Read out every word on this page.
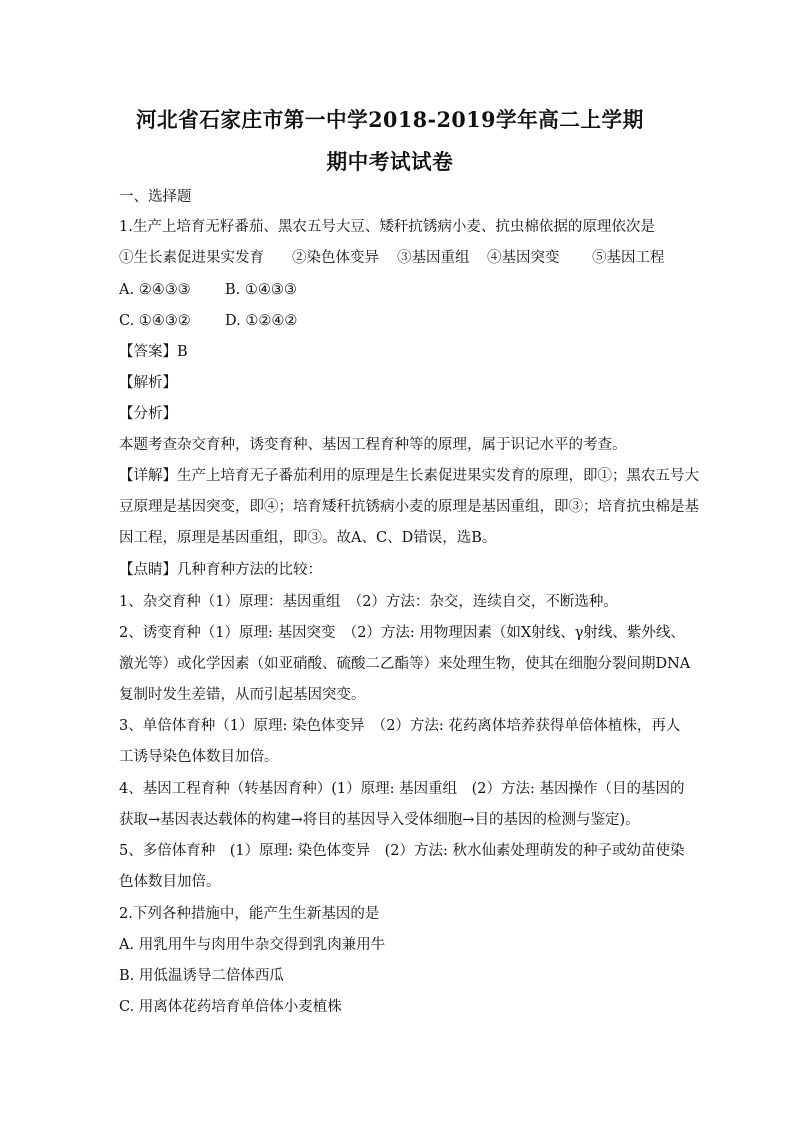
河北省石家庄市第一中学2018-2019学年高二上学期
期中考试试卷
一、选择题
1.生产上培育无籽番茄、黑农五号大豆、矮秆抗锈病小麦、抗虫棉依据的原理依次是
①生长素促进果实发育 ②染色体变异 ③基因重组 ④基因突变 ⑤基因工程
A. ②④③③ B. ①④③③
C. ①④③② D. ①②④②
【答案】B
【解析】
【分析】
本题考查杂交育种，诱变育种、基因工程育种等的原理，属于识记水平的考查。
【详解】生产上培育无子番茄利用的原理是生长素促进果实发育的原理，即①；黑农五号大
豆原理是基因突变，即④；培育矮秆抗锈病小麦的原理是基因重组，即③；培育抗虫棉是基
因工程，原理是基因重组，即③。故A、C、D错误，选B。
【点睛】几种育种方法的比较：
1、杂交育种（1）原理：基因重组　（2）方法：杂交，连续自交，不断选种。
2、诱变育种（1）原理: 基因突变　（2）方法: 用物理因素（如X射线、γ射线、紫外线、
激光等）或化学因素（如亚硝酸、硫酸二乙酯等）来处理生物，使其在细胞分裂间期DNA
复制时发生差错，从而引起基因突变。
3、单倍体育种（1）原理: 染色体变异　（2）方法: 花药离体培养获得单倍体植株，再人
工诱导染色体数目加倍。
4、基因工程育种（转基因育种）(1）原理: 基因重组　(2）方法: 基因操作（目的基因的
获取→基因表达载体的构建→将目的基因导入受体细胞→目的基因的检测与鉴定)。
5、多倍体育种　(1）原理: 染色体变异　(2）方法: 秋水仙素处理萌发的种子或幼苗使染
色体数目加倍。
2.下列各种措施中，能产生生新基因的是
A. 用乳用牛与肉用牛杂交得到乳肉兼用牛
B. 用低温诱导二倍体西瓜
C. 用离体花药培育单倍体小麦植株
